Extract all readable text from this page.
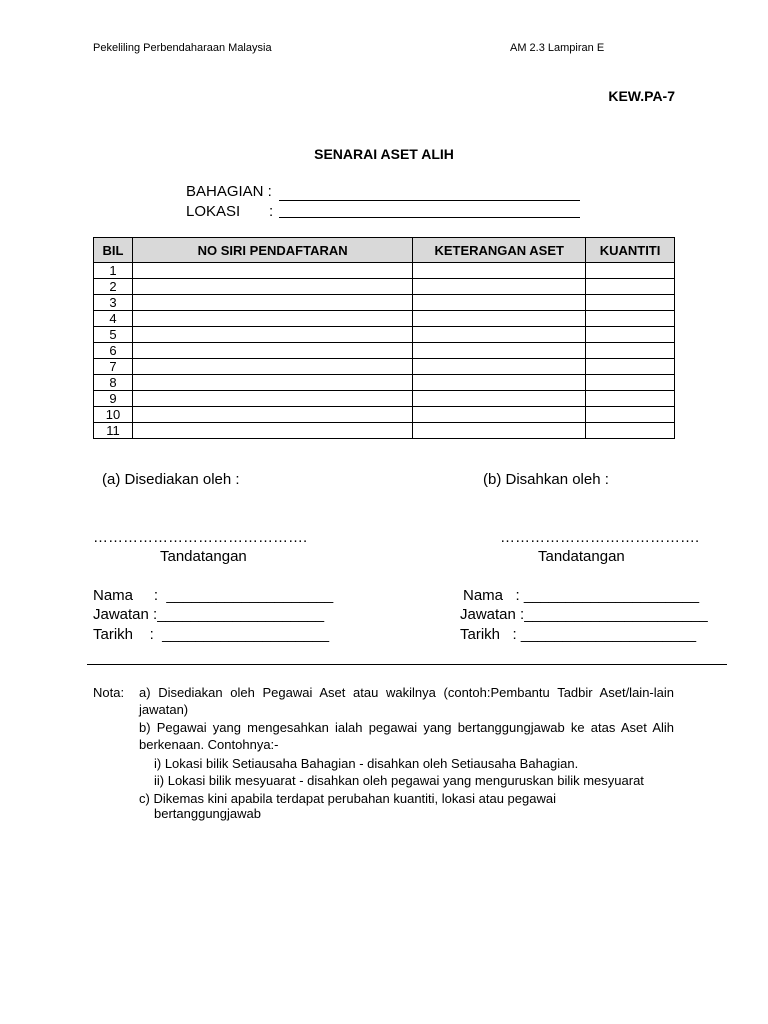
Pekeliling Perbendaharaan Malaysia	AM 2.3 Lampiran E
KEW.PA-7
SENARAI ASET ALIH
BAHAGIAN :
LOKASI :
BIL	NO SIRI PENDAFTARAN	KETERANGAN ASET	KUANTITI
1			
2			
3			
4			
5			
6			
7			
8			
9			
10			
11			
(a) Disediakan oleh :	(b) Disahkan oleh :
…………………………………….	………………………………….
Tandatangan	Tandatangan
Nama     :  ____________________
Jawatan :____________________
Tarikh    :  ____________________
Nama   : _____________________
Jawatan :______________________
Tarikh   : _____________________
Nota: a) Disediakan oleh Pegawai Aset atau wakilnya (contoh:Pembantu Tadbir Aset/lain-lain jawatan)
b) Pegawai yang mengesahkan ialah pegawai yang bertanggungjawab ke atas Aset Alih berkenaan. Contohnya:-
i) Lokasi bilik Setiausaha Bahagian - disahkan oleh Setiausaha Bahagian.
ii) Lokasi bilik mesyuarat - disahkan oleh pegawai yang menguruskan bilik mesyuarat
c) Dikemas kini apabila terdapat perubahan kuantiti, lokasi atau pegawai
bertanggungjawab
